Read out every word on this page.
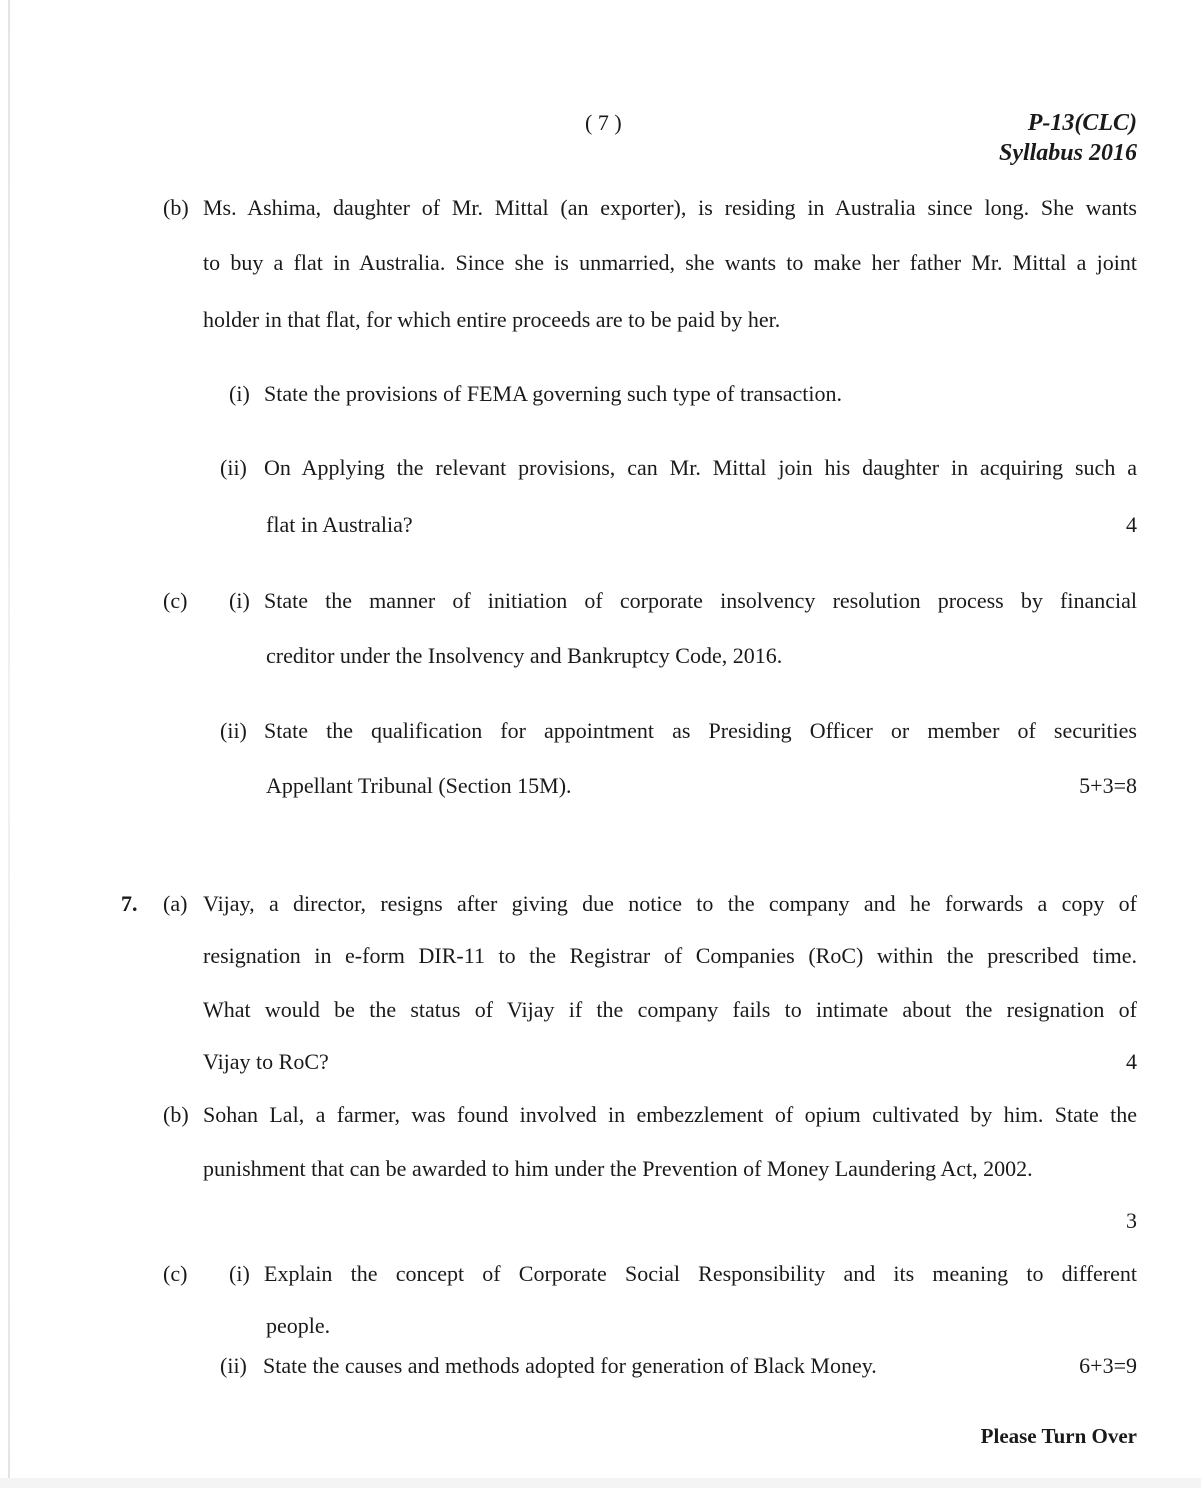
( 7 )	P-13(CLC)
Syllabus 2016
(b) Ms. Ashima, daughter of Mr. Mittal (an exporter), is residing in Australia since long. She wants
to buy a flat in Australia. Since she is unmarried, she wants to make her father Mr. Mittal a joint
holder in that flat, for which entire proceeds are to be paid by her.
(i) State the provisions of FEMA governing such type of transaction.
(ii) On Applying the relevant provisions, can Mr. Mittal join his daughter in acquiring such a
flat in Australia?	4
(c) (i) State the manner of initiation of corporate insolvency resolution process by financial
creditor under the Insolvency and Bankruptcy Code, 2016.
(ii) State the qualification for appointment as Presiding Officer or member of securities
Appellant Tribunal (Section 15M).	5+3=8
7. (a) Vijay, a director, resigns after giving due notice to the company and he forwards a copy of
resignation in e-form DIR-11 to the Registrar of Companies (RoC) within the prescribed time.
What would be the status of Vijay if the company fails to intimate about the resignation of
Vijay to RoC?	4
(b) Sohan Lal, a farmer, was found involved in embezzlement of opium cultivated by him. State the
punishment that can be awarded to him under the Prevention of Money Laundering Act, 2002.
3
(c) (i) Explain the concept of Corporate Social Responsibility and its meaning to different
people.
(ii) State the causes and methods adopted for generation of Black Money.	6+3=9
Please Turn Over
